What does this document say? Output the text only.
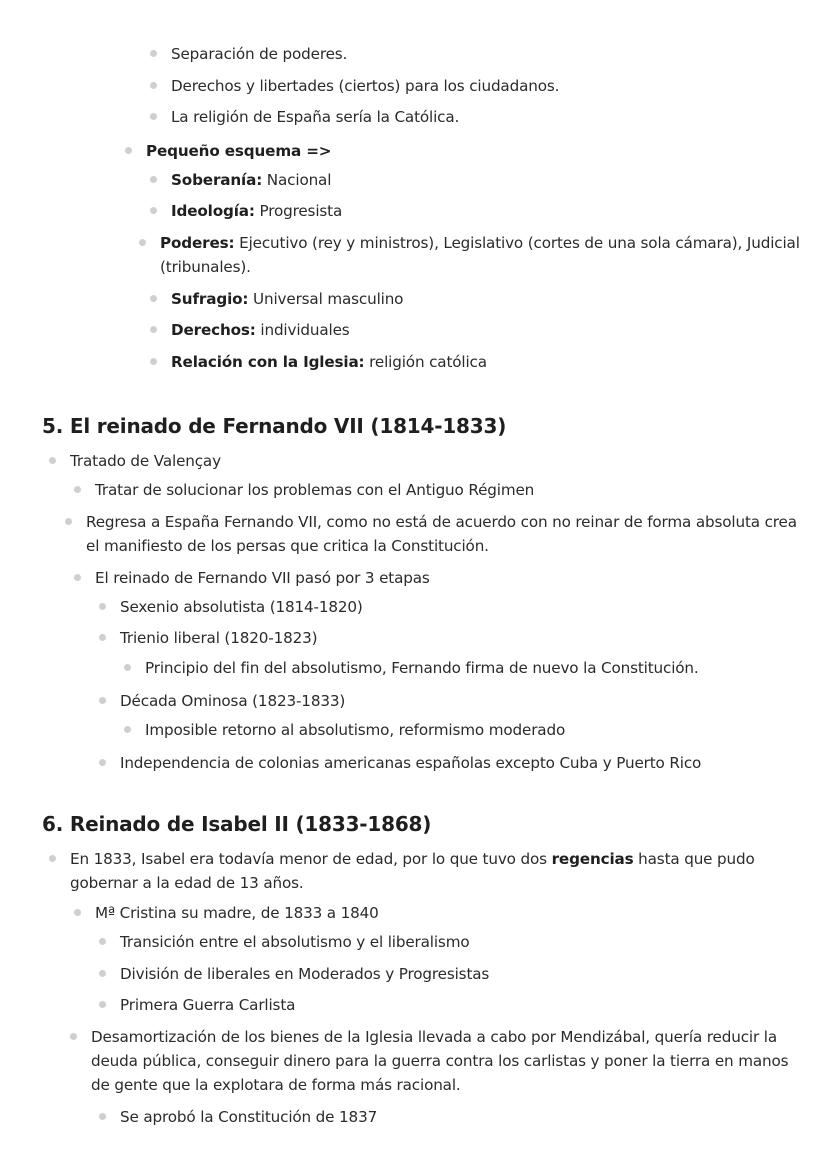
Separación de poderes.
Derechos y libertades (ciertos) para los ciudadanos.
La religión de España sería la Católica.
Pequeño esquema =>
Soberanía: Nacional
Ideología: Progresista
Poderes: Ejecutivo (rey y ministros), Legislativo (cortes de una sola cámara), Judicial (tribunales).
Sufragio: Universal masculino
Derechos: individuales
Relación con la Iglesia: religión católica
5. El reinado de Fernando VII (1814-1833)
Tratado de Valençay
Tratar de solucionar los problemas con el Antiguo Régimen
Regresa a España Fernando VII, como no está de acuerdo con no reinar de forma absoluta crea el manifiesto de los persas que critica la Constitución.
El reinado de Fernando VII pasó por 3 etapas
Sexenio absolutista (1814-1820)
Trienio liberal (1820-1823)
Principio del fin del absolutismo, Fernando firma de nuevo la Constitución.
Década Ominosa (1823-1833)
Imposible retorno al absolutismo, reformismo moderado
Independencia de colonias americanas españolas excepto Cuba y Puerto Rico
6. Reinado de Isabel II (1833-1868)
En 1833, Isabel era todavía menor de edad, por lo que tuvo dos regencias hasta que pudo gobernar a la edad de 13 años.
Mª Cristina su madre, de 1833 a 1840
Transición entre el absolutismo y el liberalismo
División de liberales en Moderados y Progresistas
Primera Guerra Carlista
Desamortización de los bienes de la Iglesia llevada a cabo por Mendizábal, quería reducir la deuda pública, conseguir dinero para la guerra contra los carlistas y poner la tierra en manos de gente que la explotara de forma más racional.
Se aprobó la Constitución de 1837
